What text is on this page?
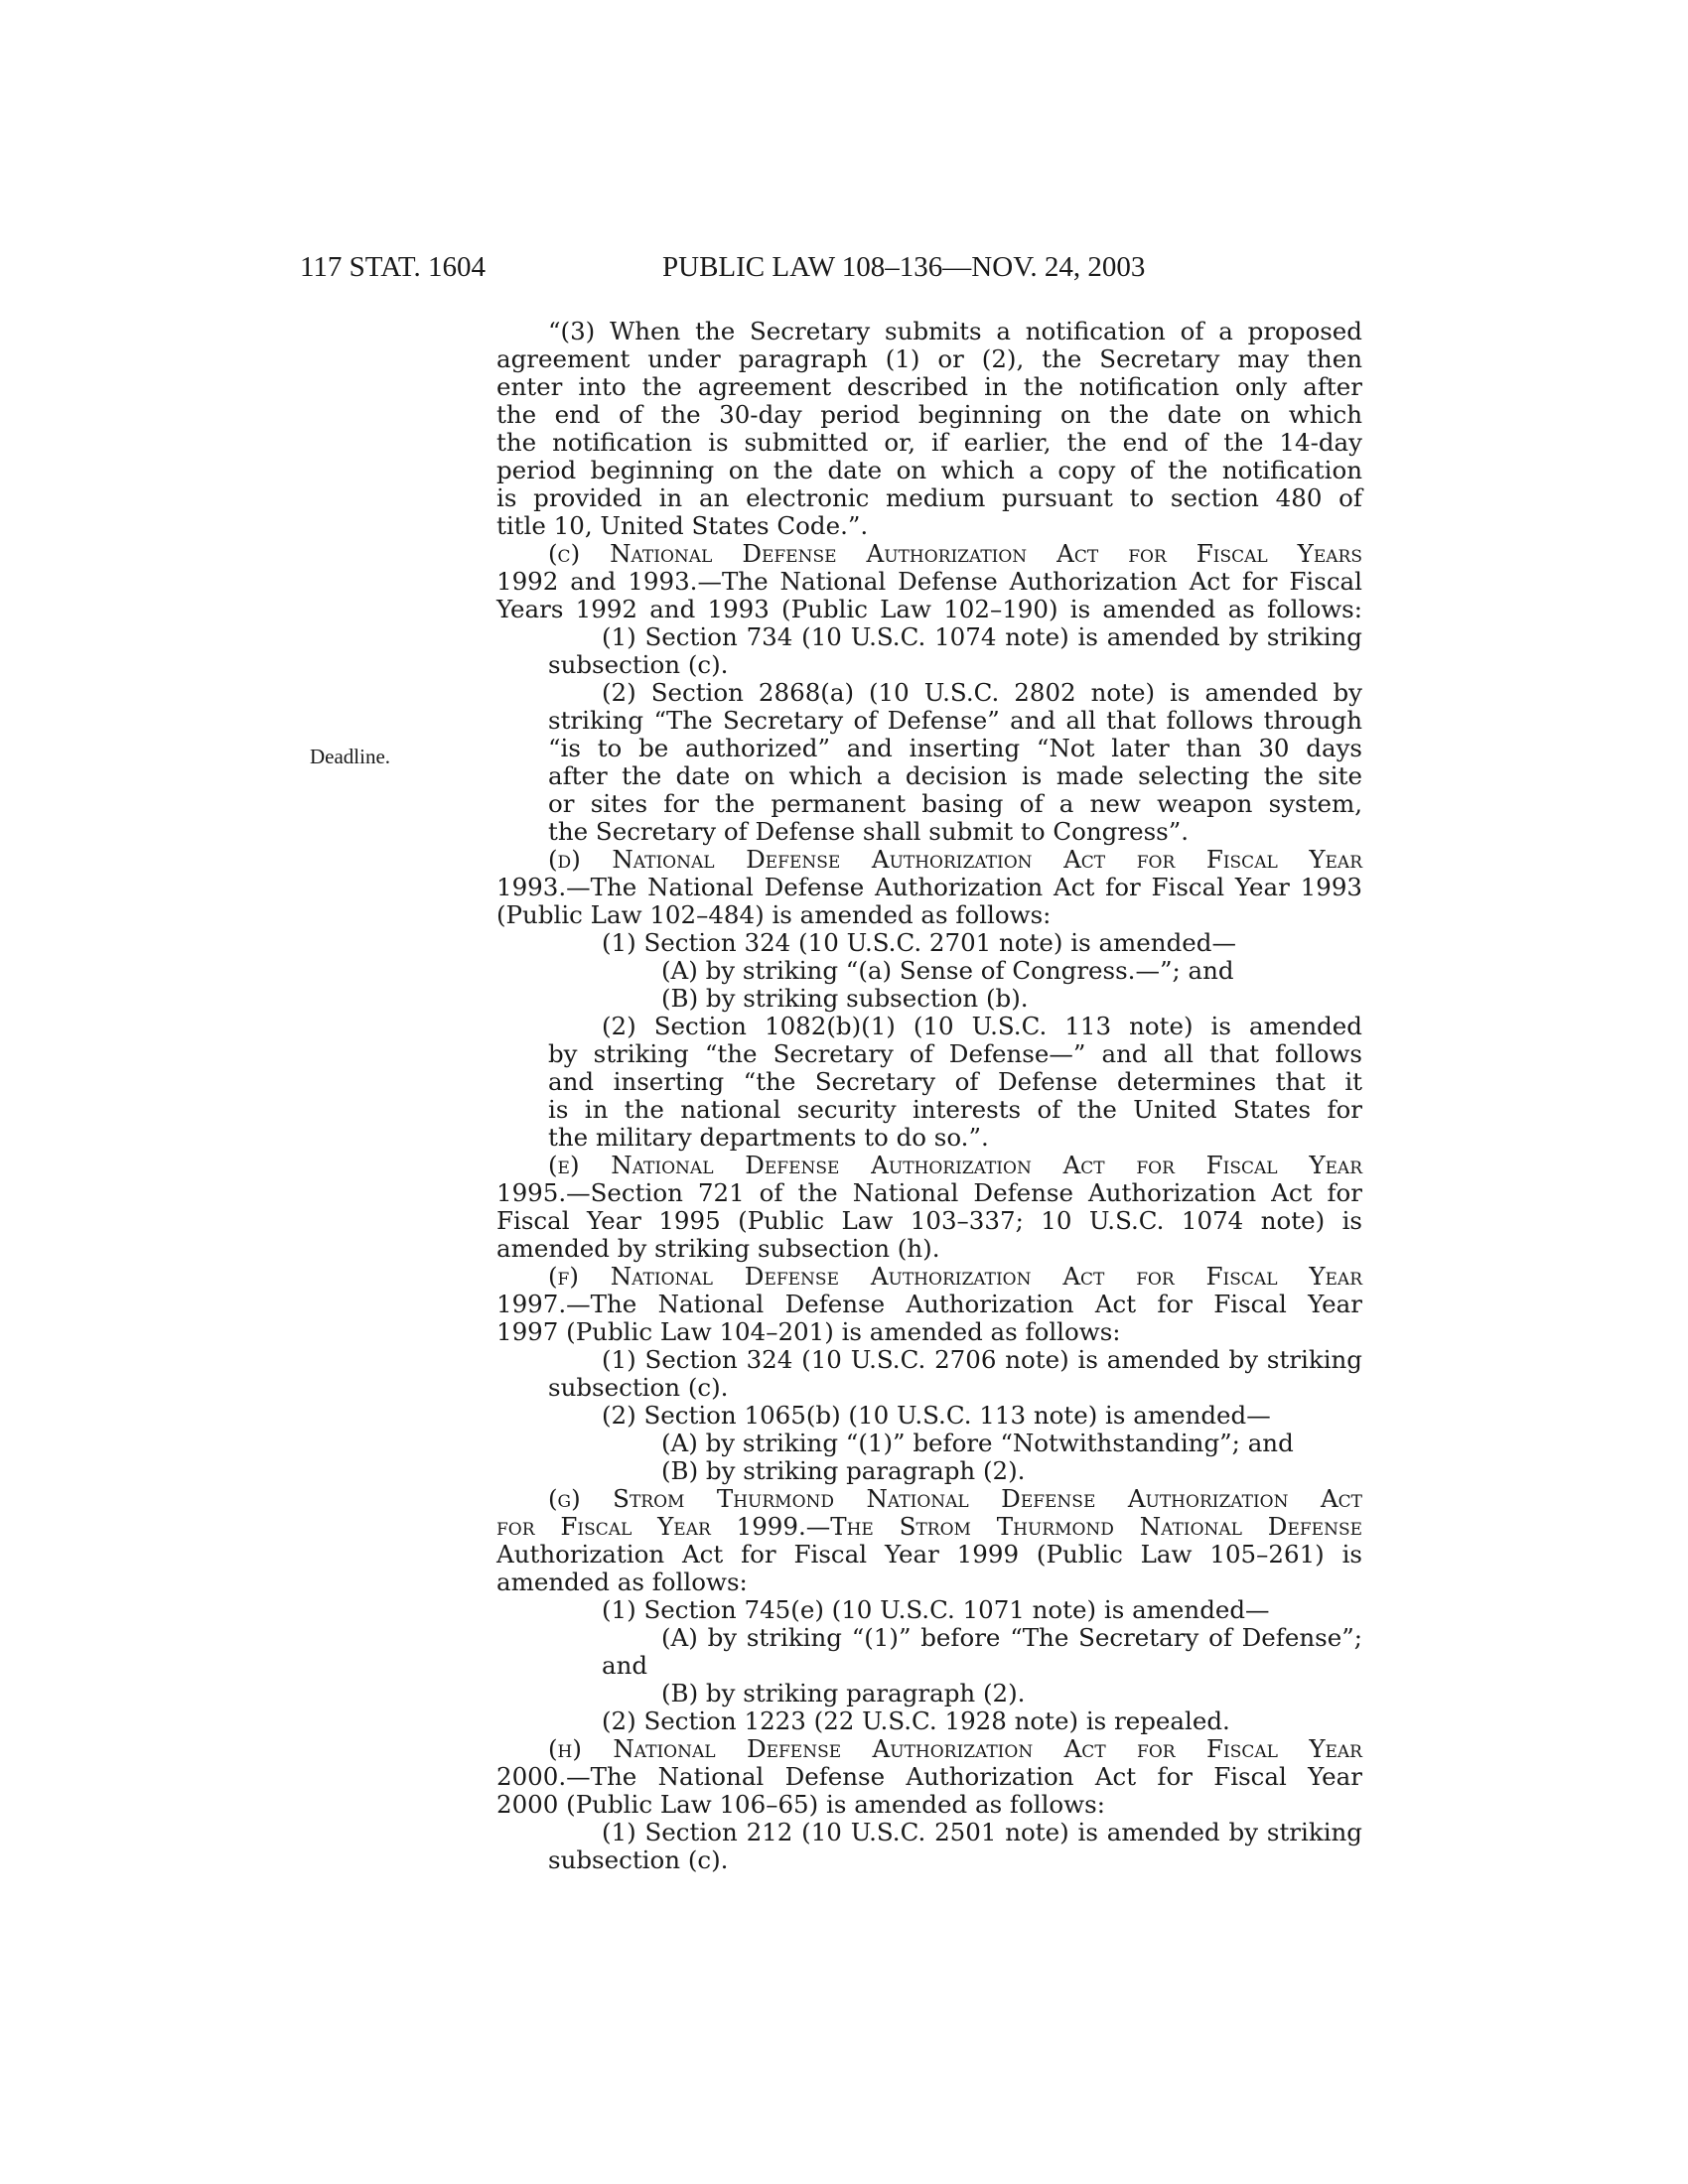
117 STAT. 1604	PUBLIC LAW 108–136—NOV. 24, 2003
Deadline.
“(3) When the Secretary submits a notification of a proposed
agreement under paragraph (1) or (2), the Secretary may then
enter into the agreement described in the notification only after
the end of the 30-day period beginning on the date on which
the notification is submitted or, if earlier, the end of the 14-day
period beginning on the date on which a copy of the notification
is provided in an electronic medium pursuant to section 480 of
title 10, United States Code.”.
(c) National Defense Authorization Act for Fiscal Years
1992 and 1993.—The National Defense Authorization Act for Fiscal
Years 1992 and 1993 (Public Law 102–190) is amended as follows:
(1) Section 734 (10 U.S.C. 1074 note) is amended by striking
subsection (c).
(2) Section 2868(a) (10 U.S.C. 2802 note) is amended by
striking “The Secretary of Defense” and all that follows through
“is to be authorized” and inserting “Not later than 30 days
after the date on which a decision is made selecting the site
or sites for the permanent basing of a new weapon system,
the Secretary of Defense shall submit to Congress”.
(d) National Defense Authorization Act for Fiscal Year
1993.—The National Defense Authorization Act for Fiscal Year 1993
(Public Law 102–484) is amended as follows:
(1) Section 324 (10 U.S.C. 2701 note) is amended—
(A) by striking “(a) Sense of Congress.—”; and
(B) by striking subsection (b).
(2) Section 1082(b)(1) (10 U.S.C. 113 note) is amended
by striking “the Secretary of Defense—” and all that follows
and inserting “the Secretary of Defense determines that it
is in the national security interests of the United States for
the military departments to do so.”.
(e) National Defense Authorization Act for Fiscal Year
1995.—Section 721 of the National Defense Authorization Act for
Fiscal Year 1995 (Public Law 103–337; 10 U.S.C. 1074 note) is
amended by striking subsection (h).
(f) National Defense Authorization Act for Fiscal Year
1997.—The National Defense Authorization Act for Fiscal Year
1997 (Public Law 104–201) is amended as follows:
(1) Section 324 (10 U.S.C. 2706 note) is amended by striking
subsection (c).
(2) Section 1065(b) (10 U.S.C. 113 note) is amended—
(A) by striking “(1)” before “Notwithstanding”; and
(B) by striking paragraph (2).
(g) Strom Thurmond National Defense Authorization Act
for Fiscal Year 1999.—The Strom Thurmond National Defense
Authorization Act for Fiscal Year 1999 (Public Law 105–261) is
amended as follows:
(1) Section 745(e) (10 U.S.C. 1071 note) is amended—
(A) by striking “(1)” before “The Secretary of Defense”;
and
(B) by striking paragraph (2).
(2) Section 1223 (22 U.S.C. 1928 note) is repealed.
(h) National Defense Authorization Act for Fiscal Year
2000.—The National Defense Authorization Act for Fiscal Year
2000 (Public Law 106–65) is amended as follows:
(1) Section 212 (10 U.S.C. 2501 note) is amended by striking
subsection (c).
